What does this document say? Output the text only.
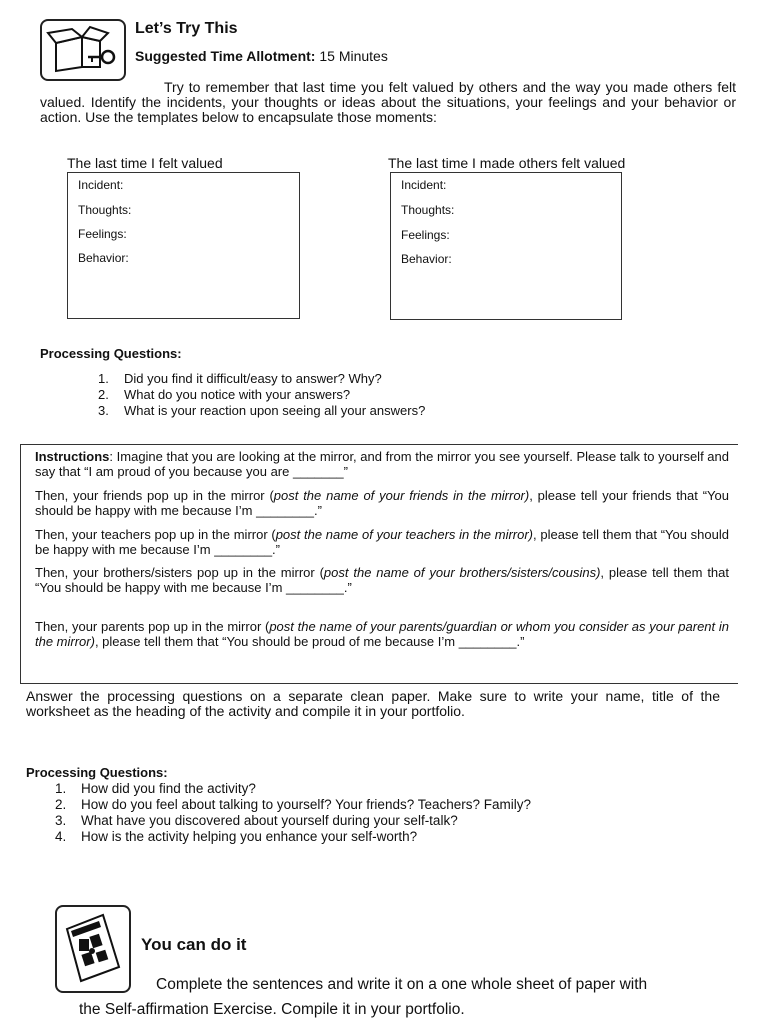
Let’s Try This
Suggested Time Allotment: 15 Minutes
Try to remember that last time you felt valued by others and the way you made others felt valued. Identify the incidents, your thoughts or ideas about the situations, your feelings and your behavior or action. Use the templates below to encapsulate those moments:
The last time I felt valued
Incident:
Thoughts:
Feelings:
Behavior:
The last time I made others felt valued
Incident:
Thoughts:
Feelings:
Behavior:
Processing Questions:
1. Did you find it difficult/easy to answer? Why?
2. What do you notice with your answers?
3. What is your reaction upon seeing all your answers?
Instructions: Imagine that you are looking at the mirror, and from the mirror you see yourself. Please talk to yourself and say that “I am proud of you because you are _______”
Then, your friends pop up in the mirror (post the name of your friends in the mirror), please tell your friends that “You should be happy with me because I’m ________.”
Then, your teachers pop up in the mirror (post the name of your teachers in the mirror), please tell them that “You should be happy with me because I’m ________.”
Then, your brothers/sisters pop up in the mirror (post the name of your brothers/sisters/cousins), please tell them that “You should be happy with me because I’m ________.”
Then, your parents pop up in the mirror (post the name of your parents/guardian or whom you consider as your parent in the mirror), please tell them that “You should be proud of me because I’m ________.”
Answer the processing questions on a separate clean paper. Make sure to write your name, title of the worksheet as the heading of the activity and compile it in your portfolio.
Processing Questions:
1. How did you find the activity?
2. How do you feel about talking to yourself? Your friends? Teachers? Family?
3. What have you discovered about yourself during your self-talk?
4. How is the activity helping you enhance your self-worth?
You can do it
Complete the sentences and write it on a one whole sheet of paper with
the Self-affirmation Exercise. Compile it in your portfolio.
